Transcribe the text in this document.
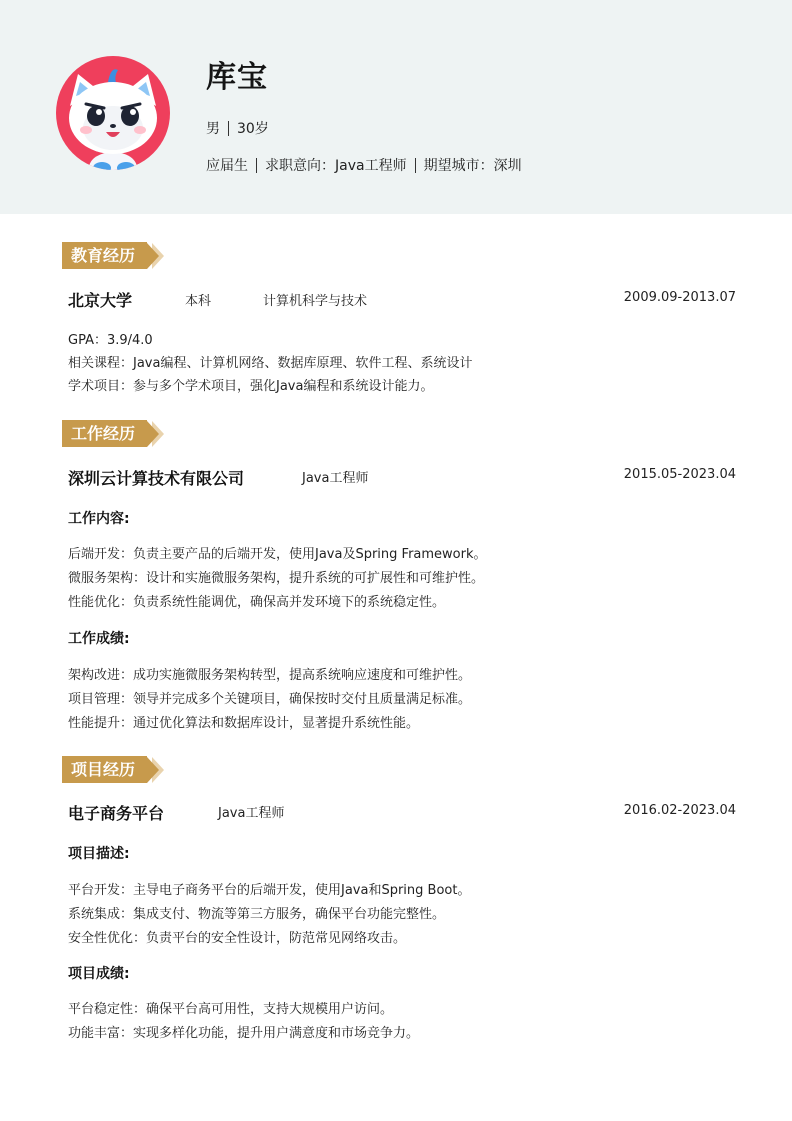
库宝
男 30岁
应届生 求职意向：Java工程师 期望城市：深圳
教育经历
北京大学	本科	计算机科学与技术	2009.09-2013.07
GPA：3.9/4.0
相关课程：Java编程、计算机网络、数据库原理、软件工程、系统设计
学术项目：参与多个学术项目，强化Java编程和系统设计能力。
工作经历
深圳云计算技术有限公司	Java工程师	2015.05-2023.04
工作内容:
后端开发：负责主要产品的后端开发，使用Java及Spring Framework。
微服务架构：设计和实施微服务架构，提升系统的可扩展性和可维护性。
性能优化：负责系统性能调优，确保高并发环境下的系统稳定性。
工作成绩:
架构改进：成功实施微服务架构转型，提高系统响应速度和可维护性。
项目管理：领导并完成多个关键项目，确保按时交付且质量满足标准。
性能提升：通过优化算法和数据库设计，显著提升系统性能。
项目经历
电子商务平台	Java工程师	2016.02-2023.04
项目描述:
平台开发：主导电子商务平台的后端开发，使用Java和Spring Boot。
系统集成：集成支付、物流等第三方服务，确保平台功能完整性。
安全性优化：负责平台的安全性设计，防范常见网络攻击。
项目成绩:
平台稳定性：确保平台高可用性，支持大规模用户访问。
功能丰富：实现多样化功能，提升用户满意度和市场竞争力。
